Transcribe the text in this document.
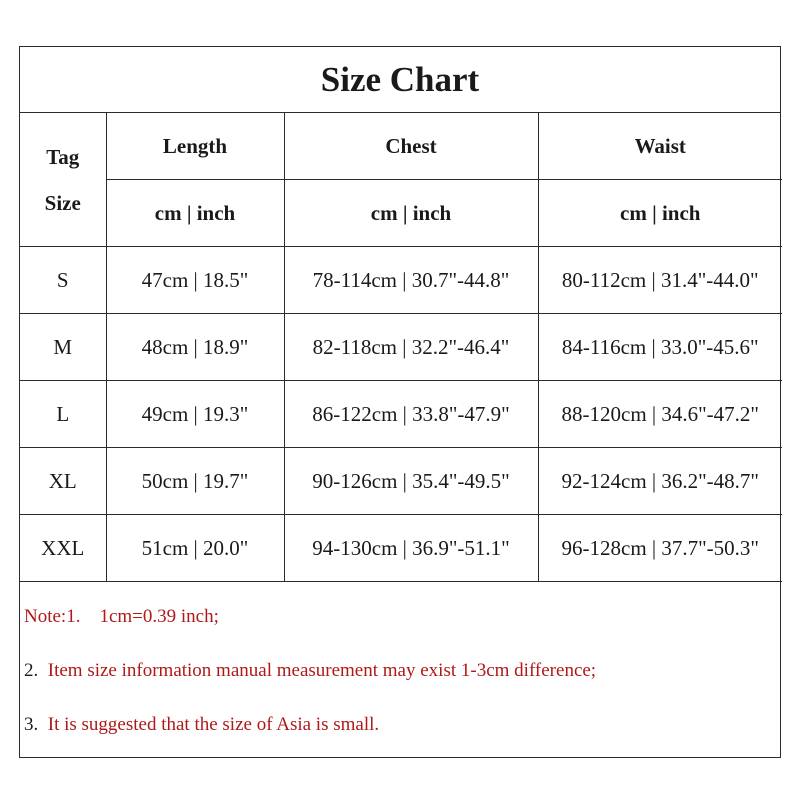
Size Chart
Tag
Size	Length	Chest	Waist
	cm | inch	cm | inch	cm | inch
S	47cm | 18.5"	78-114cm | 30.7"-44.8"	80-112cm | 31.4"-44.0"
M	48cm | 18.9"	82-118cm | 32.2"-46.4"	84-116cm | 33.0"-45.6"
L	49cm | 19.3"	86-122cm | 33.8"-47.9"	88-120cm | 34.6"-47.2"
XL	50cm | 19.7"	90-126cm | 35.4"-49.5"	92-124cm | 36.2"-48.7"
XXL	51cm | 20.0"	94-130cm | 36.9"-51.1"	96-128cm | 37.7"-50.3"
Note:1. 1cm=0.39 inch;
2. Item size information manual measurement may exist 1-3cm difference;
3. It is suggested that the size of Asia is small.
